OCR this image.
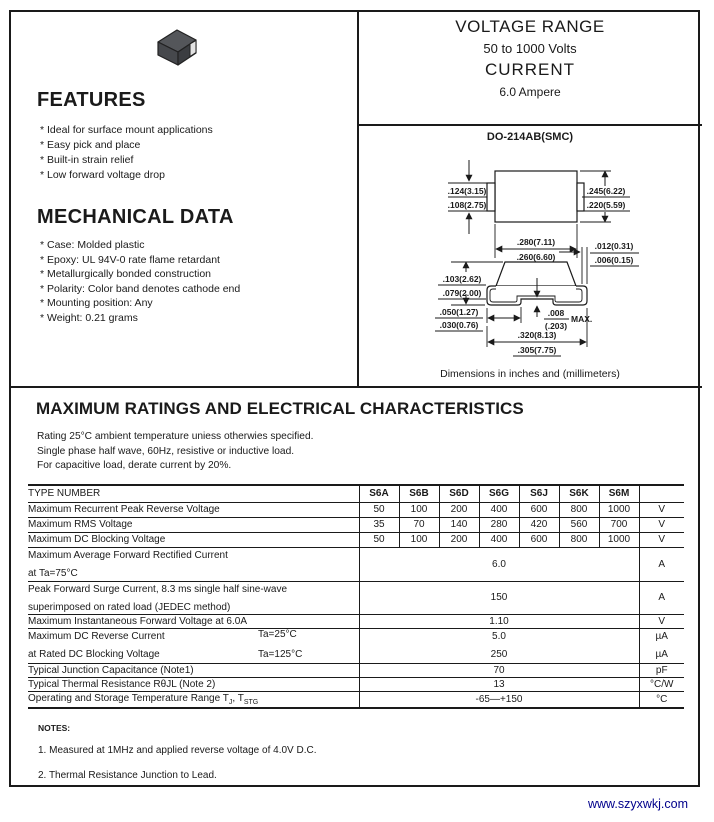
FEATURES
* Ideal for surface mount applications
* Easy pick and place
* Built-in strain relief
* Low forward voltage drop
MECHANICAL DATA
* Case: Molded plastic
* Epoxy: UL 94V-0 rate flame retardant
* Metallurgically bonded construction
* Polarity: Color band denotes cathode end
* Mounting position: Any
* Weight: 0.21 grams
VOLTAGE RANGE
50 to 1000 Volts
CURRENT
6.0 Ampere
DO-214AB(SMC)
.124(3.15)
.108(2.75)
.245(6.22)
.220(5.59)
.280(7.11)
.260(6.60)
.012(0.31)
.006(0.15)
.103(2.62)
.079(2.00)
.050(1.27)
.030(0.76)
.008
(.203)
MAX.
.320(8.13)
.305(7.75)
Dimensions in inches and (millimeters)
MAXIMUM RATINGS AND ELECTRICAL CHARACTERISTICS
Rating 25°C ambient temperature uniess otherwies specified.
Single phase half wave, 60Hz, resistive or inductive load.
For capacitive load, derate current by 20%.
TYPE NUMBER	S6A	S6B	S6D	S6G	S6J	S6K	S6M	
Maximum Recurrent Peak Reverse Voltage	50	100	200	400	600	800	1000	V
Maximum RMS Voltage	35	70	140	280	420	560	700	V
Maximum DC Blocking Voltage	50	100	200	400	600	800	1000	V

Maximum Average Forward Rectified Current
at Ta=75°C	6.0							A

Peak Forward Surge Current, 8.3 ms single half sine-wave
superimposed on rated load (JEDEC method)	150							A
Maximum Instantaneous Forward Voltage at 6.0A	1.10							V

Maximum DC Reverse Current Ta=25°C	5.0							µA

at Rated DC Blocking Voltage Ta=125°C	250							µA
Typical Junction Capacitance (Note1)	70							pF
Typical Thermal Resistance RθJL (Note 2)	13							°C/W
Operating and Storage Temperature Range $T_J$, $T_{STG}$	-65—+150							°C
NOTES:
1. Measured at 1MHz and applied reverse voltage of 4.0V D.C.
2. Thermal Resistance Junction to Lead.
www.szyxwkj.com
